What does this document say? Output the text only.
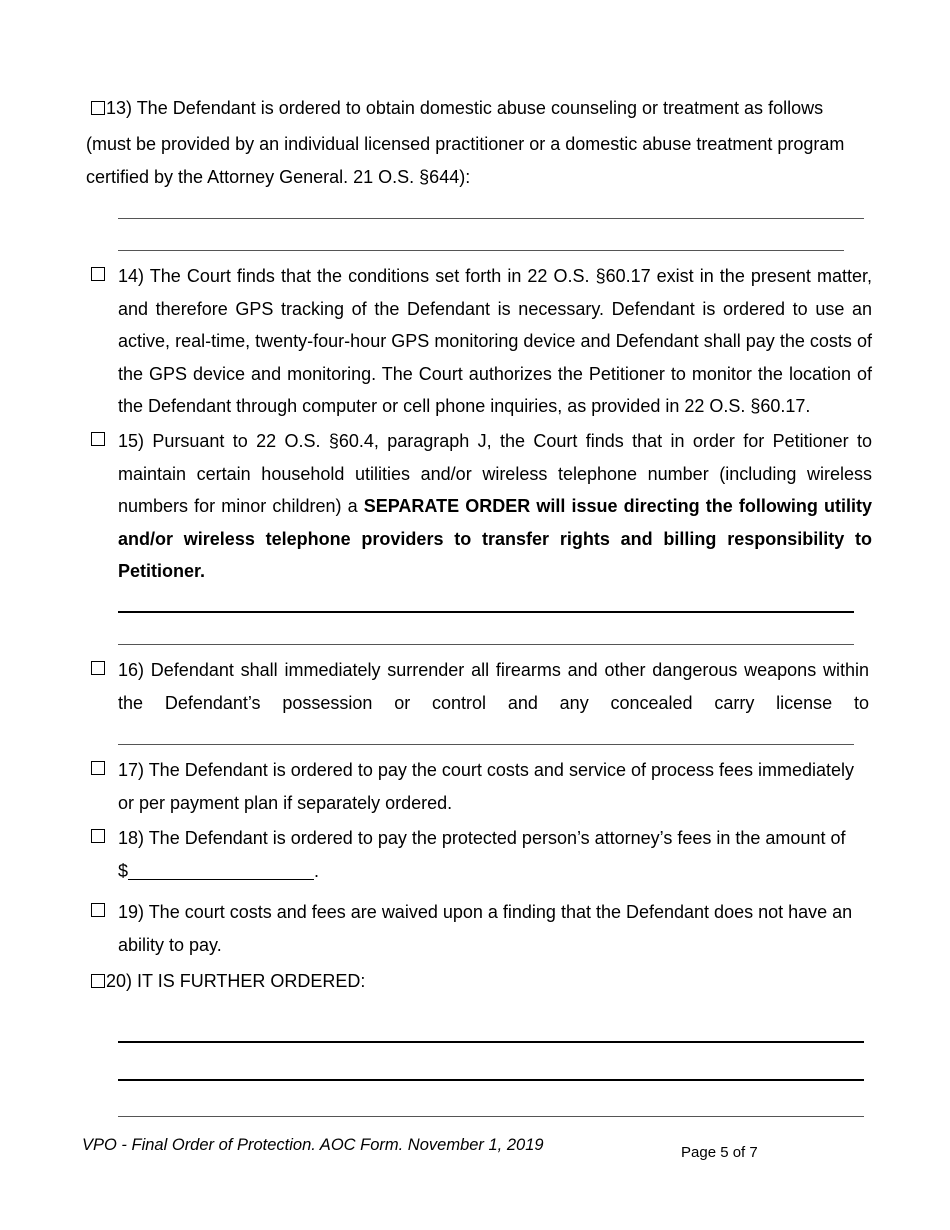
13) The Defendant is ordered to obtain domestic abuse counseling or treatment as follows
(must be provided by an individual licensed practitioner or a domestic abuse treatment program
certified by the Attorney General. 21 O.S. §644):
14) The Court finds that the conditions set forth in 22 O.S. §60.17 exist in the present matter, and therefore GPS tracking of the Defendant is necessary. Defendant is ordered to use an active, real-time, twenty-four-hour GPS monitoring device and Defendant shall pay the costs of the GPS device and monitoring. The Court authorizes the Petitioner to monitor the location of the Defendant through computer or cell phone inquiries, as provided in 22 O.S. §60.17.
15) Pursuant to 22 O.S. §60.4, paragraph J, the Court finds that in order for Petitioner to maintain certain household utilities and/or wireless telephone number (including wireless numbers for minor children) a SEPARATE ORDER will issue directing the following utility and/or wireless telephone providers to transfer rights and billing responsibility to Petitioner.
16) Defendant shall immediately surrender all firearms and other dangerous weapons within the Defendant’s possession or control and any concealed carry license to
17) The Defendant is ordered to pay the court costs and service of process fees immediately or per payment plan if separately ordered.
18) The Defendant is ordered to pay the protected person’s attorney’s fees in the amount of
$	.
19) The court costs and fees are waived upon a finding that the Defendant does not have an ability to pay.
20) IT IS FURTHER ORDERED:
VPO - Final Order of Protection. AOC Form. November 1, 2019	Page 5 of 7
